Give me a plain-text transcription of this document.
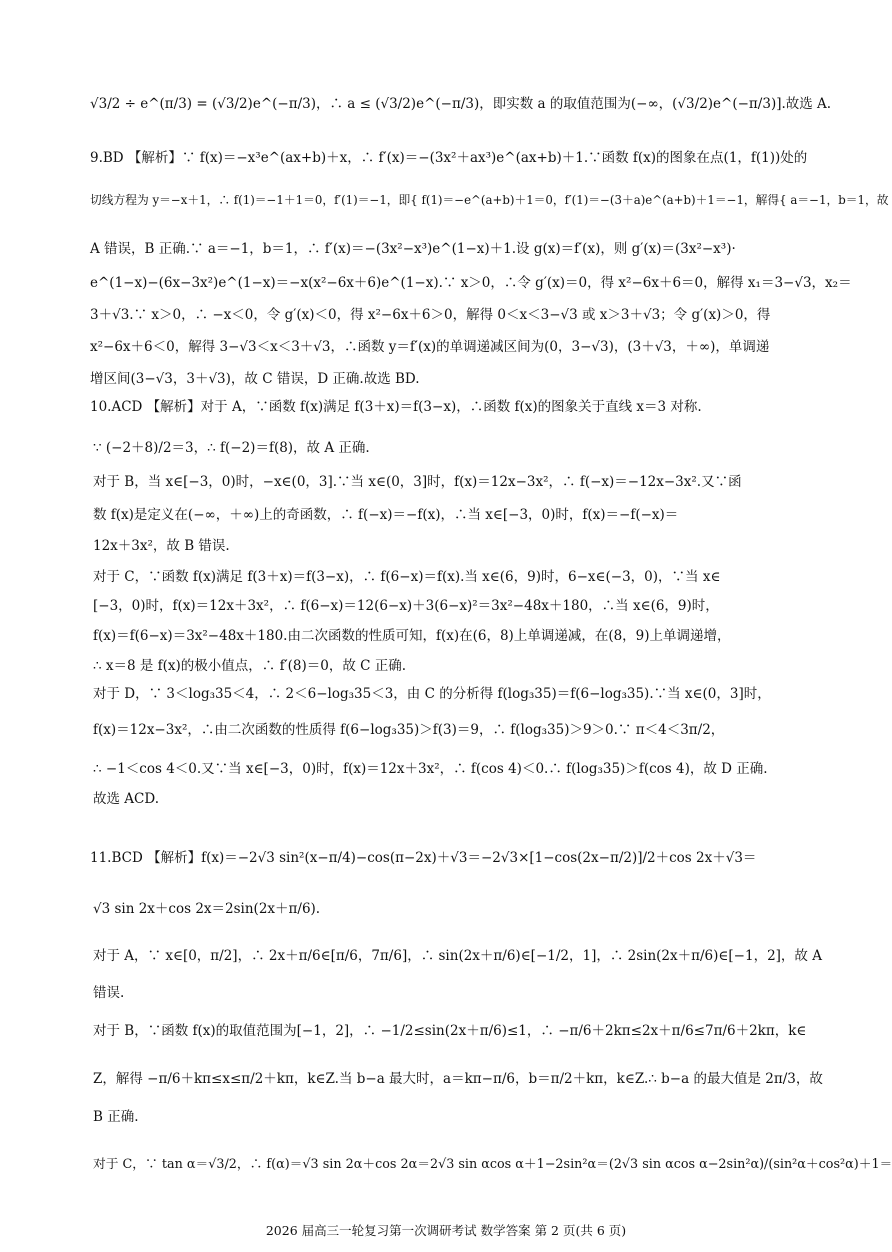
√3/2 ÷ e^(π/3) = (√3/2)e^(−π/3)，∴ a ≤ (√3/2)e^(−π/3)，即实数 a 的取值范围为(−∞，(√3/2)e^(−π/3)].故选 A.
9.BD 【解析】∵ f(x)＝−x³e^(ax+b)＋x，∴ f′(x)＝−(3x²＋ax³)e^(ax+b)＋1.∵函数 f(x)的图象在点(1，f(1))处的
切线方程为 y＝−x＋1，∴ f(1)＝−1＋1＝0，f′(1)＝−1，即{ f(1)＝−e^(a+b)＋1＝0，f′(1)＝−(3＋a)e^(a+b)＋1＝−1，解得{ a＝−1，b＝1，故
A 错误，B 正确.∵ a＝−1，b＝1，∴ f′(x)＝−(3x²−x³)e^(1−x)＋1.设 g(x)＝f′(x)，则 g′(x)＝(3x²−x³)·
e^(1−x)−(6x−3x²)e^(1−x)＝−x(x²−6x＋6)e^(1−x).∵ x＞0，∴令 g′(x)＝0，得 x²−6x＋6＝0，解得 x₁＝3−√3，x₂＝
3＋√3.∵ x＞0，∴ −x＜0，令 g′(x)＜0，得 x²−6x＋6＞0，解得 0＜x＜3−√3 或 x＞3＋√3；令 g′(x)＞0，得
x²−6x＋6＜0，解得 3−√3＜x＜3＋√3，∴函数 y＝f′(x)的单调递减区间为(0，3−√3)，(3＋√3，＋∞)，单调递
增区间(3−√3，3＋√3)，故 C 错误，D 正确.故选 BD.
10.ACD 【解析】对于 A，∵函数 f(x)满足 f(3＋x)＝f(3−x)，∴函数 f(x)的图象关于直线 x＝3 对称.
∵ (−2＋8)/2＝3，∴ f(−2)＝f(8)，故 A 正确.
对于 B，当 x∈[−3，0)时，−x∈(0，3].∵当 x∈(0，3]时，f(x)＝12x−3x²，∴ f(−x)＝−12x−3x².又∵函
数 f(x)是定义在(−∞，＋∞)上的奇函数，∴ f(−x)＝−f(x)，∴当 x∈[−3，0)时，f(x)＝−f(−x)＝
12x＋3x²，故 B 错误.
对于 C，∵函数 f(x)满足 f(3＋x)＝f(3−x)，∴ f(6−x)＝f(x).当 x∈(6，9)时，6−x∈(−3，0)，∵当 x∈
[−3，0)时，f(x)＝12x＋3x²，∴ f(6−x)＝12(6−x)＋3(6−x)²＝3x²−48x＋180，∴当 x∈(6，9)时，
f(x)＝f(6−x)＝3x²−48x＋180.由二次函数的性质可知，f(x)在(6，8)上单调递减，在(8，9)上单调递增，
∴ x＝8 是 f(x)的极小值点，∴ f′(8)＝0，故 C 正确.
对于 D，∵ 3＜log₃35＜4，∴ 2＜6−log₃35＜3，由 C 的分析得 f(log₃35)＝f(6−log₃35).∵当 x∈(0，3]时，
f(x)＝12x−3x²，∴由二次函数的性质得 f(6−log₃35)＞f(3)＝9，∴ f(log₃35)＞9＞0.∵ π＜4＜3π/2，
∴ −1＜cos 4＜0.又∵当 x∈[−3，0)时，f(x)＝12x＋3x²，∴ f(cos 4)＜0.∴ f(log₃35)＞f(cos 4)，故 D 正确.
故选 ACD.
11.BCD 【解析】f(x)＝−2√3 sin²(x−π/4)−cos(π−2x)＋√3＝−2√3×[1−cos(2x−π/2)]/2＋cos 2x＋√3＝
√3 sin 2x＋cos 2x＝2sin(2x＋π/6).
对于 A，∵ x∈[0，π/2]，∴ 2x＋π/6∈[π/6，7π/6]，∴ sin(2x＋π/6)∈[−1/2，1]，∴ 2sin(2x＋π/6)∈[−1，2]，故 A
错误.
对于 B，∵函数 f(x)的取值范围为[−1，2]，∴ −1/2≤sin(2x＋π/6)≤1，∴ −π/6＋2kπ≤2x＋π/6≤7π/6＋2kπ，k∈
Z，解得 −π/6＋kπ≤x≤π/2＋kπ，k∈Z.当 b−a 最大时，a＝kπ−π/6，b＝π/2＋kπ，k∈Z.∴ b−a 的最大值是 2π/3，故
B 正确.
对于 C，∵ tan α＝√3/2，∴ f(α)＝√3 sin 2α＋cos 2α＝2√3 sin αcos α＋1−2sin²α＝(2√3 sin αcos α−2sin²α)/(sin²α＋cos²α)＋1＝
2026 届高三一轮复习第一次调研考试 数学答案 第 2 页(共 6 页)
